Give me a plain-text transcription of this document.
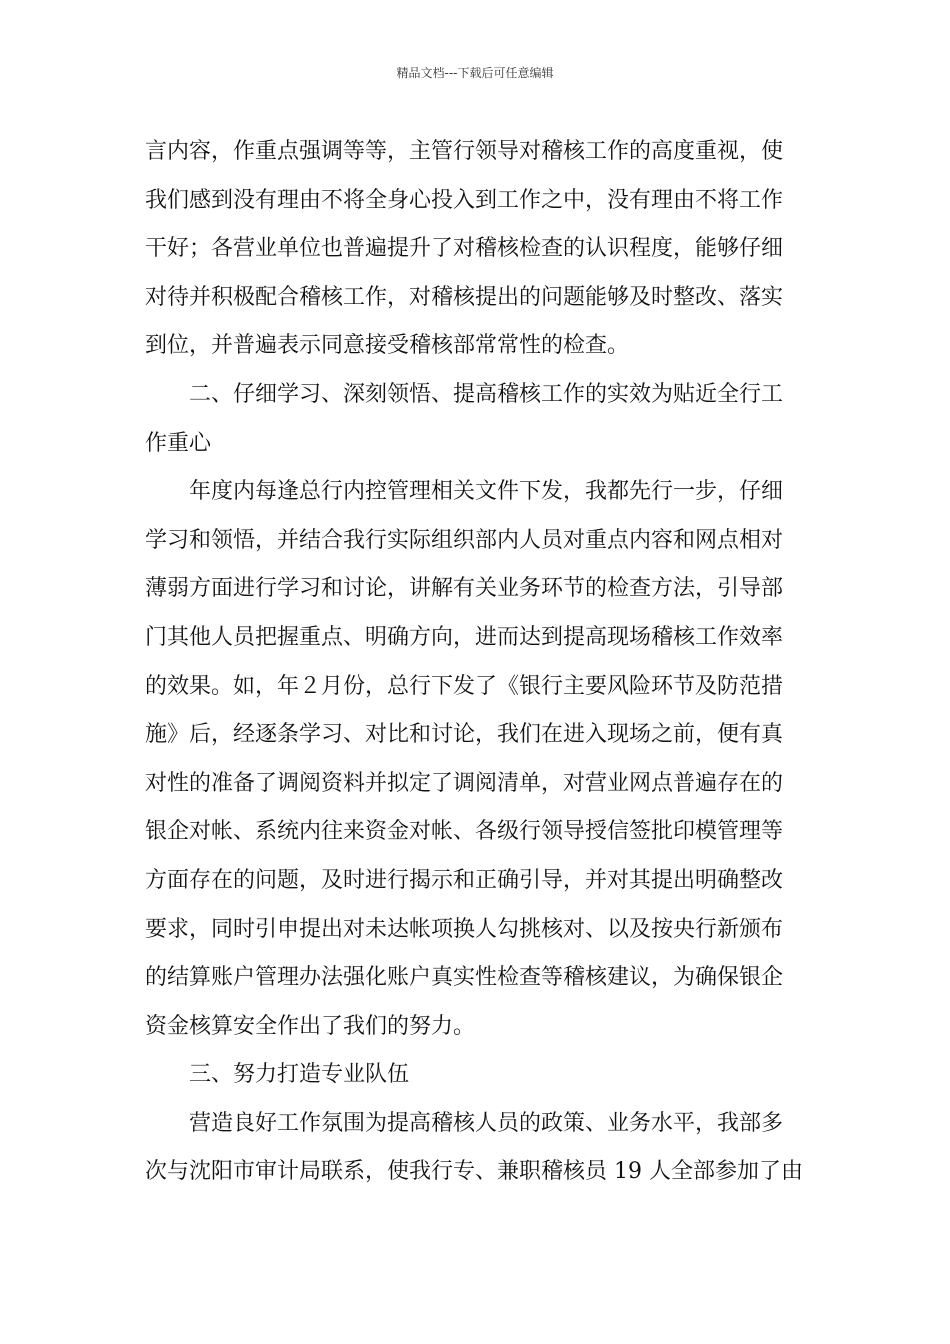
精品文档---下载后可任意编辑
言内容，作重点强调等等，主管行领导对稽核工作的高度重视，使
我们感到没有理由不将全身心投入到工作之中，没有理由不将工作
干好；各营业单位也普遍提升了对稽核检查的认识程度，能够仔细
对待并积极配合稽核工作，对稽核提出的问题能够及时整改、落实
到位，并普遍表示同意接受稽核部常常性的检查。
二、仔细学习、深刻领悟、提高稽核工作的实效为贴近全行工
作重心
年度内每逢总行内控管理相关文件下发，我都先行一步，仔细
学习和领悟，并结合我行实际组织部内人员对重点内容和网点相对
薄弱方面进行学习和讨论，讲解有关业务环节的检查方法，引导部
门其他人员把握重点、明确方向，进而达到提高现场稽核工作效率
的效果。如，年２月份，总行下发了《银行主要风险环节及防范措
施》后，经逐条学习、对比和讨论，我们在进入现场之前，便有真
对性的准备了调阅资料并拟定了调阅清单，对营业网点普遍存在的
银企对帐、系统内往来资金对帐、各级行领导授信签批印模管理等
方面存在的问题，及时进行揭示和正确引导，并对其提出明确整改
要求，同时引申提出对未达帐项换人勾挑核对、以及按央行新颁布
的结算账户管理办法强化账户真实性检查等稽核建议，为确保银企
资金核算安全作出了我们的努力。
三、努力打造专业队伍
营造良好工作氛围为提高稽核人员的政策、业务水平，我部多
次与沈阳市审计局联系，使我行专、兼职稽核员 19 人全部参加了由
